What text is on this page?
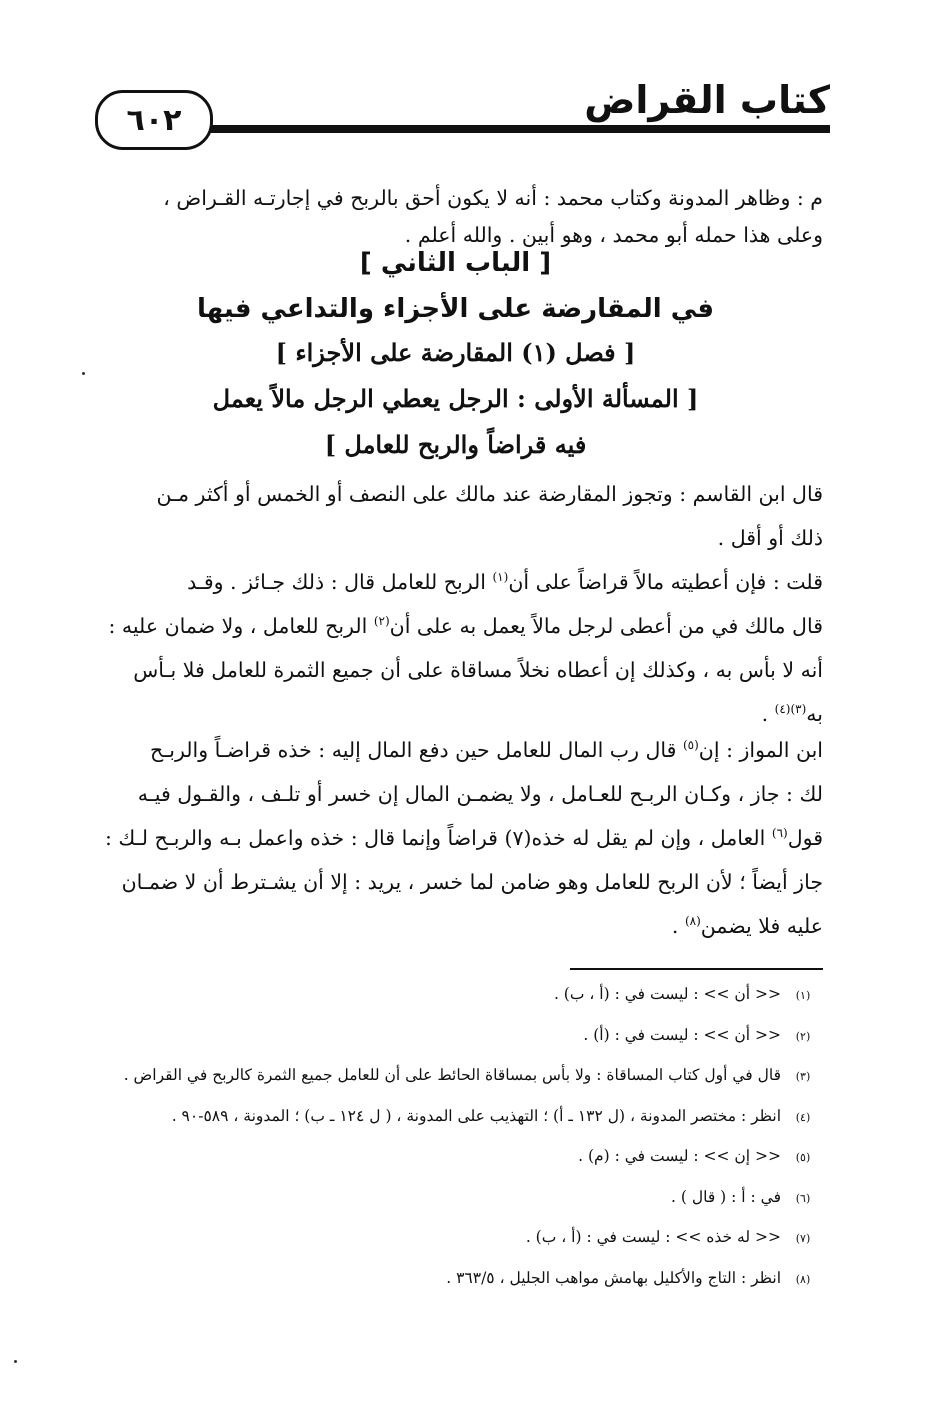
كتاب القراض
٦٠٢
م : وظاهر المدونة وكتاب محمد : أنه لا يكون أحق بالربح في إجارتـه القـراض ،
وعلى هذا حمله أبو محمد ، وهو أبين . والله أعلم .
[ الباب الثاني ]
في المقارضة على الأجزاء والتداعي فيها
[ فصل (١) المقارضة على الأجزاء ]
[ المسألة الأولى : الرجل يعطي الرجل مالاً يعمل
فيه قراضاً والربح للعامل ]
قال ابن القاسم : وتجوز المقارضة عند مالك على النصف أو الخمس أو أكثر مـن
ذلك أو أقل .
قلت : فإن أعطيته مالاً قراضاً على أن$^{(١)}$ الربح للعامل قال : ذلك جـائز . وقـد
قال مالك في من أعطى لرجل مالاً يعمل به على أن$^{(٢)}$ الربح للعامل ، ولا ضمان عليه :
أنه لا بأس به ، وكذلك إن أعطاه نخلاً مساقاة على أن جميع الثمرة للعامل فلا بـأس
به$^{(٣)(٤)}$ .
ابن المواز : إن$^{(٥)}$ قال رب المال للعامل حين دفع المال إليه : خذه قراضـاً والربـح
لك : جاز ، وكـان الربـح للعـامل ، ولا يضمـن المال إن خسر أو تلـف ، والقـول فيـه
قول$^{(٦)}$ العامل ، وإن لم يقل له خذه(٧) قراضاً وإنما قال : خذه واعمل بـه والربـح لـك :
جاز أيضاً ؛ لأن الربح للعامل وهو ضامن لما خسر ، يريد : إلا أن يشـترط أن لا ضمـان
عليه فلا يضمن$^{(٨)}$ .
(١)
<< أن >> : ليست في : (أ ، ب) .
(٢)
<< أن >> : ليست في : (أ) .
(٣)
قال في أول كتاب المساقاة : ولا بأس بمساقاة الحائط على أن للعامل جميع الثمرة كالربح في القراض .
(٤)
انظر : مختصر المدونة ، (ل ١٣٢ ـ أ) ؛ التهذيب على المدونة ، ( ل ١٢٤ ـ ب) ؛ المدونة ، ٥٨٩-٩٠ .
(٥)
<< إن >> : ليست في : (م) .
(٦)
في : أ : ( قال ) .
(٧)
<< له خذه >> : ليست في : (أ ، ب) .
(٨)
انظر : التاج والأكليل بهامش مواهب الجليل ، ٣٦٣/٥ .
